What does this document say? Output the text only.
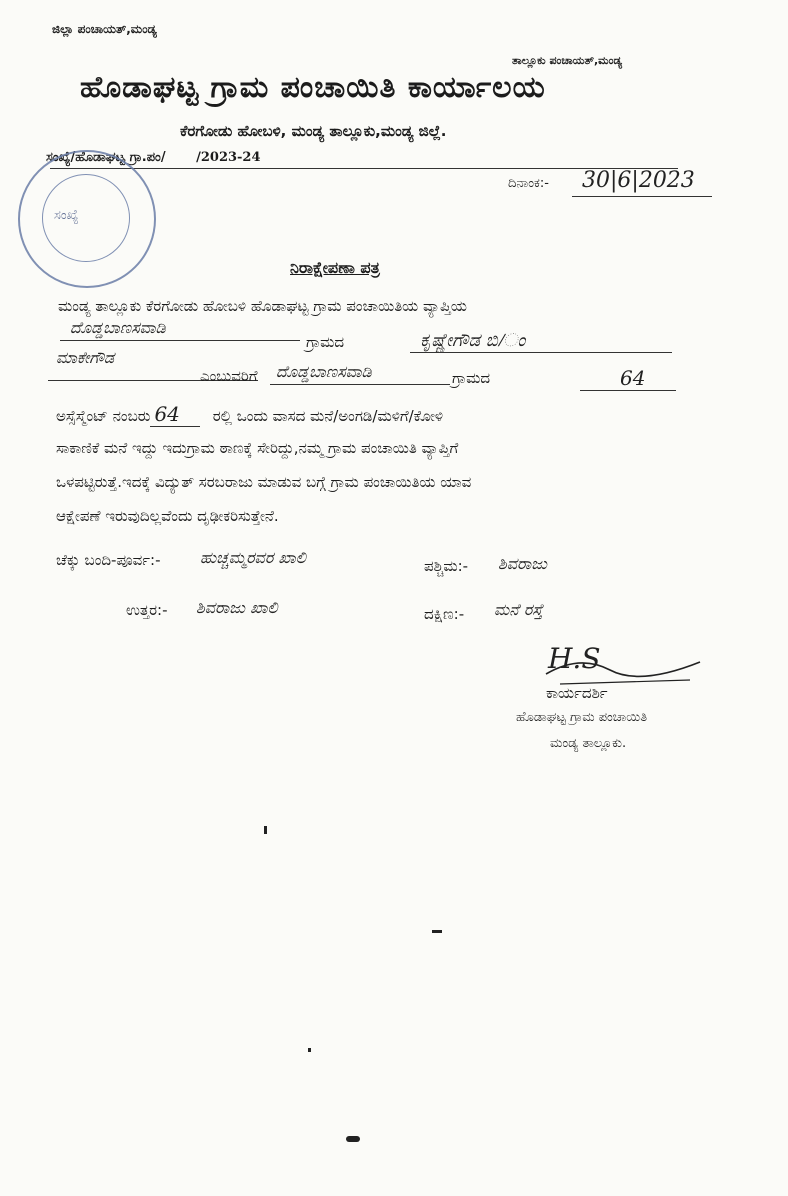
ಜಿಲ್ಲಾ ಪಂಚಾಯತ್,ಮಂಡ್ಯ
ತಾಲ್ಲೂಕು ಪಂಚಾಯತ್,ಮಂಡ್ಯ
ಹೊಡಾಘಟ್ಟ ಗ್ರಾಮ ಪಂಚಾಯಿತಿ ಕಾರ್ಯಾಲಯ
ಕೆರಗೋಡು ಹೋಬಳಿ, ಮಂಡ್ಯ ತಾಲ್ಲೂಕು,ಮಂಡ್ಯ ಜಿಲ್ಲೆ.
ಸಂಖ್ಯೆ/ಹೊಡಾಘಟ್ಟ ಗ್ರಾ.ಪಂ/ /2023-24
ದಿನಾಂಕ:- 30|6|2023
ಸಂಖ್ಯೆ
ನಿರಾಕ್ಷೇಪಣಾ ಪತ್ರ
ಮಂಡ್ಯ ತಾಲ್ಲೂಕು ಕೆರಗೋಡು ಹೋಬಳಿ ಹೊಡಾಘಟ್ಟ ಗ್ರಾಮ ಪಂಚಾಯಿತಿಯ ವ್ಯಾಪ್ತಿಯ
ದೊಡ್ಡಬಾಣಸವಾಡಿ
ಗ್ರಾಮದ	ಕೃಷ್ಣೇಗೌಡ ಬಿ/ಂ
ಮಾಕೇಗೌಡ
ಎಂಬುವರಿಗೆ ದೊಡ್ಡಬಾಣಸವಾಡಿ	ಗ್ರಾಮದ	64
ಅಸ್ಸೆಸ್ಮೆಂಟ್ ನಂಬರು 64 ರಲ್ಲಿ ಒಂದು ವಾಸದ ಮನೆ/ಅಂಗಡಿ/ಮಳಿಗೆ/ಕೋಳಿ
ಸಾಕಾಣಿಕೆ ಮನೆ ಇದ್ದು ಇದುಗ್ರಾಮ ಠಾಣಕ್ಕೆ ಸೇರಿದ್ದು,ನಮ್ಮ ಗ್ರಾಮ ಪಂಚಾಯಿತಿ ವ್ಯಾಪ್ತಿಗೆ
ಒಳಪಟ್ಟಿರುತ್ತೆ.ಇದಕ್ಕೆ ವಿದ್ಯುತ್ ಸರಬರಾಜು ಮಾಡುವ ಬಗ್ಗೆ ಗ್ರಾಮ ಪಂಚಾಯಿತಿಯ ಯಾವ
ಆಕ್ಷೇಪಣೆ ಇರುವುದಿಲ್ಲವೆಂದು ದೃಢೀಕರಿಸುತ್ತೇನೆ.
ಚೆಕ್ಕು ಬಂದಿ-ಪೂರ್ವ:- ಹುಚ್ಚಮ್ಮರವರ ಖಾಲಿ	ಪಶ್ಚಿಮ:- ಶಿವರಾಜು
ಉತ್ತರ:- ಶಿವರಾಜು ಖಾಲಿ	ದಕ್ಷಿಣ:- ಮನೆ ರಸ್ತೆ
H.S
ಕಾರ್ಯದರ್ಶಿ
ಹೊಡಾಘಟ್ಟ ಗ್ರಾಮ ಪಂಚಾಯಿತಿ
ಮಂಡ್ಯ ತಾಲ್ಲೂಕು.
